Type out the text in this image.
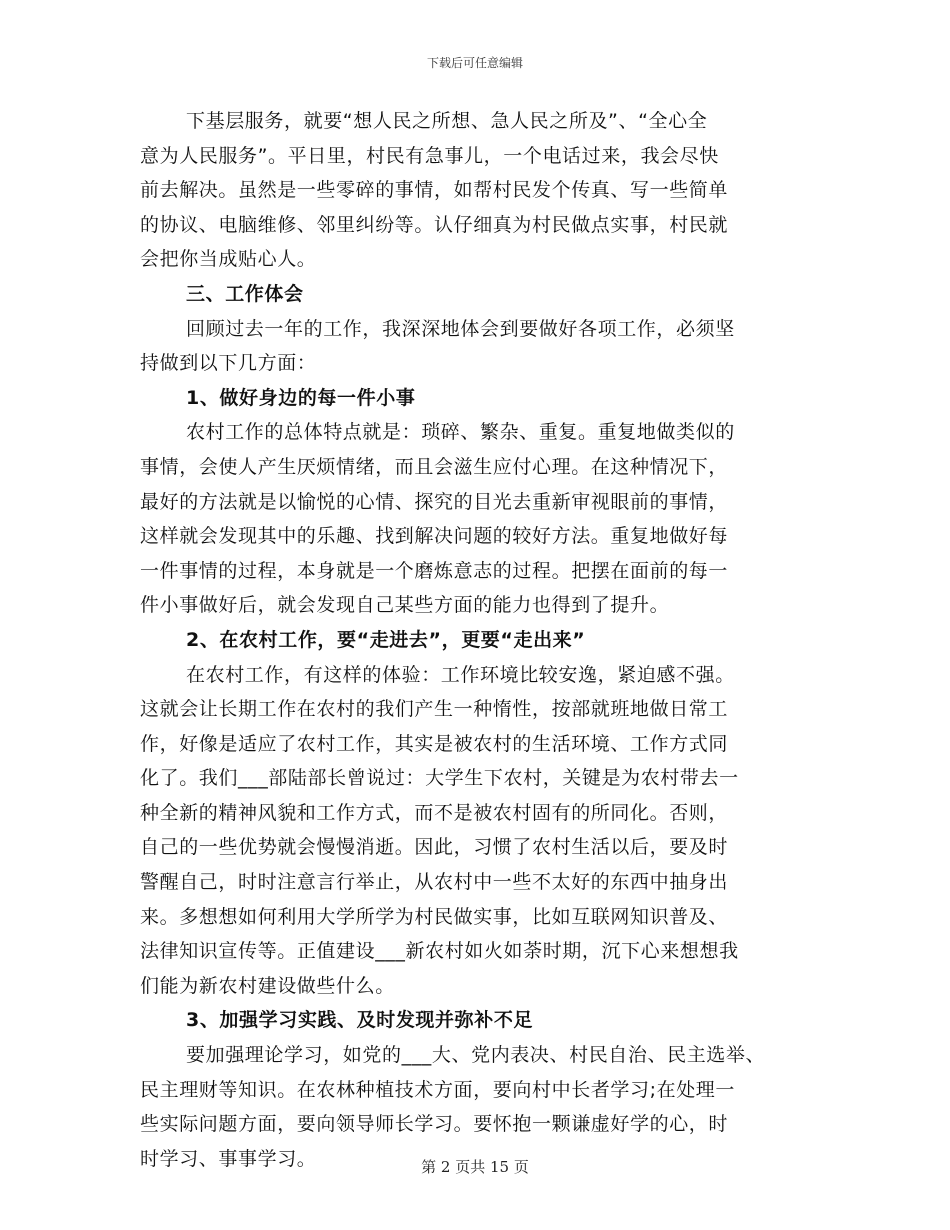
下载后可任意编辑
下基层服务，就要“想人民之所想、急人民之所及”、“全心全
意为人民服务”。平日里，村民有急事儿，一个电话过来，我会尽快
前去解决。虽然是一些零碎的事情，如帮村民发个传真、写一些简单
的协议、电脑维修、邻里纠纷等。认仔细真为村民做点实事，村民就
会把你当成贴心人。
三、工作体会
回顾过去一年的工作，我深深地体会到要做好各项工作，必须坚
持做到以下几方面：
1、做好身边的每一件小事
农村工作的总体特点就是：琐碎、繁杂、重复。重复地做类似的
事情，会使人产生厌烦情绪，而且会滋生应付心理。在这种情况下，
最好的方法就是以愉悦的心情、探究的目光去重新审视眼前的事情，
这样就会发现其中的乐趣、找到解决问题的较好方法。重复地做好每
一件事情的过程，本身就是一个磨炼意志的过程。把摆在面前的每一
件小事做好后，就会发现自己某些方面的能力也得到了提升。
2、在农村工作，要“走进去”，更要“走出来”
在农村工作，有这样的体验：工作环境比较安逸，紧迫感不强。
这就会让长期工作在农村的我们产生一种惰性，按部就班地做日常工
作，好像是适应了农村工作，其实是被农村的生活环境、工作方式同
化了。我们___部陆部长曾说过：大学生下农村，关键是为农村带去一
种全新的精神风貌和工作方式，而不是被农村固有的所同化。否则，
自己的一些优势就会慢慢消逝。因此，习惯了农村生活以后，要及时
警醒自己，时时注意言行举止，从农村中一些不太好的东西中抽身出
来。多想想如何利用大学所学为村民做实事，比如互联网知识普及、
法律知识宣传等。正值建设___新农村如火如荼时期，沉下心来想想我
们能为新农村建设做些什么。
3、加强学习实践、及时发现并弥补不足
要加强理论学习，如党的___大、党内表决、村民自治、民主选举、
民主理财等知识。在农林种植技术方面，要向村中长者学习;在处理一
些实际问题方面，要向领导师长学习。要怀抱一颗谦虚好学的心，时
时学习、事事学习。	第 2 页共 15 页
